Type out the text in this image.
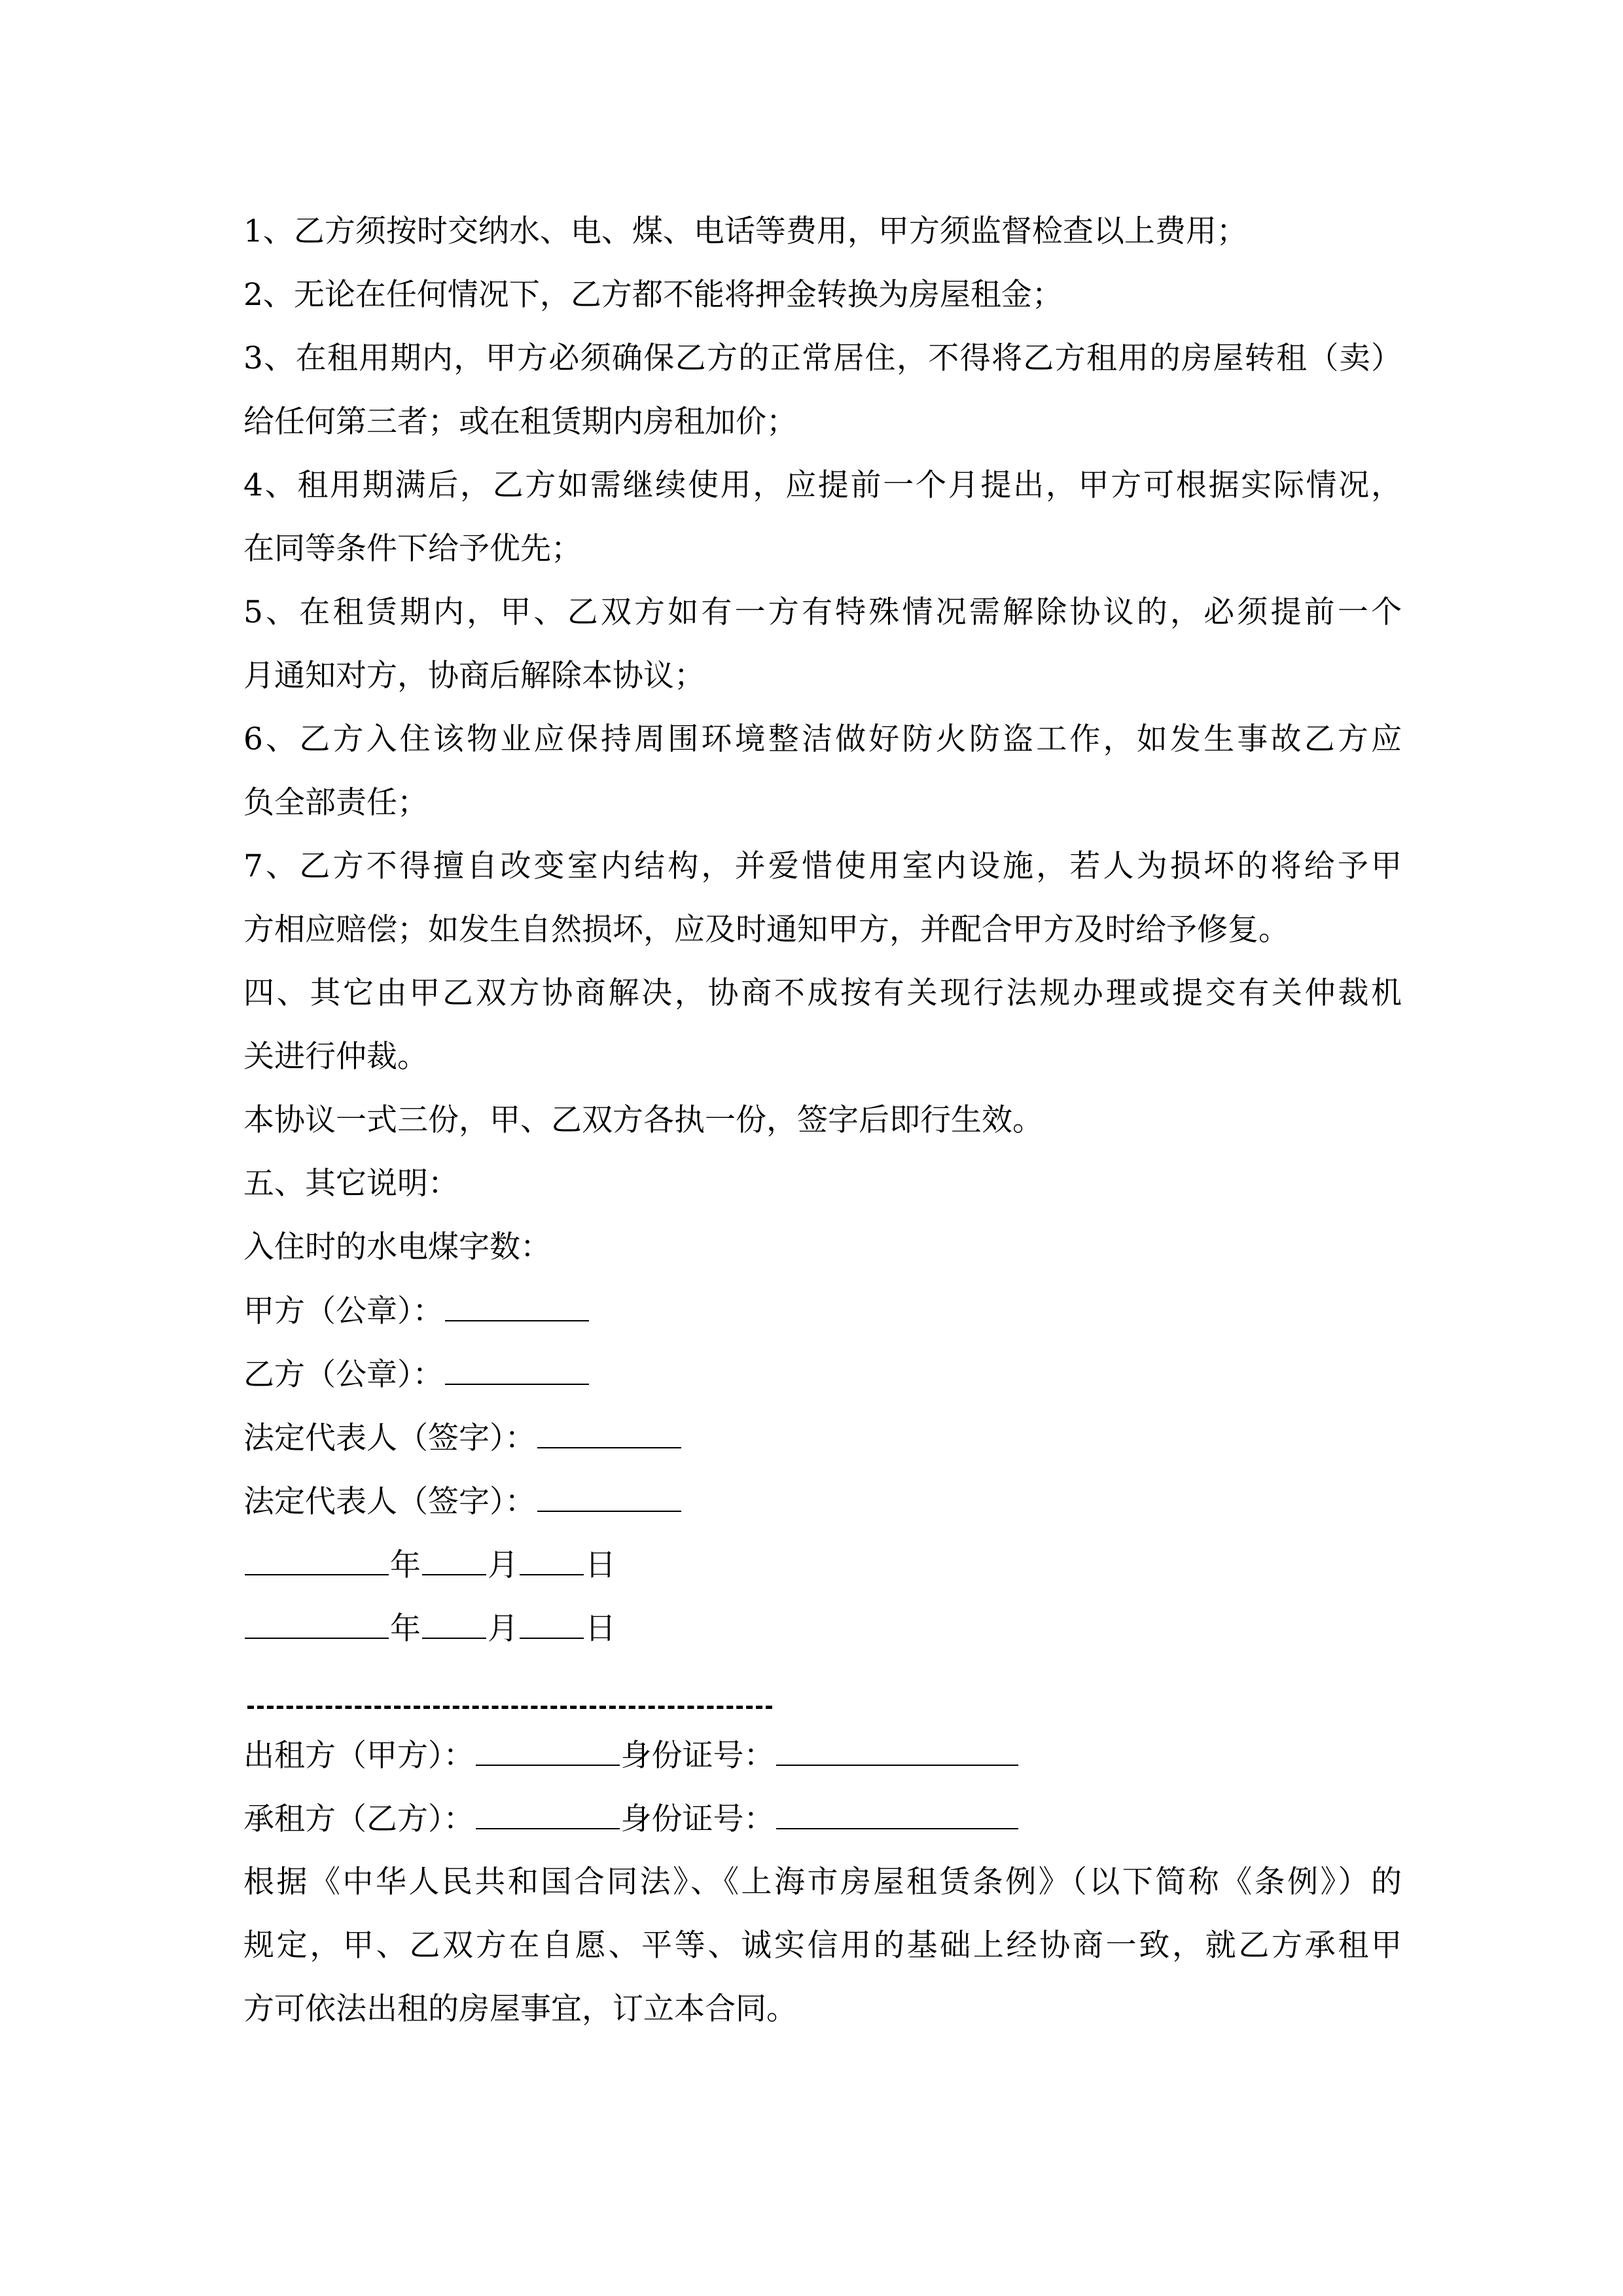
1、乙方须按时交纳水、电、煤、电话等费用，甲方须监督检查以上费用；
2、无论在任何情况下，乙方都不能将押金转换为房屋租金；
3、在租用期内，甲方必须确保乙方的正常居住，不得将乙方租用的房屋转租（卖）
给任何第三者；或在租赁期内房租加价；
4、租用期满后，乙方如需继续使用，应提前一个月提出，甲方可根据实际情况，
在同等条件下给予优先；
5、在租赁期内，甲、乙双方如有一方有特殊情况需解除协议的，必须提前一个
月通知对方，协商后解除本协议；
6、乙方入住该物业应保持周围环境整洁做好防火防盗工作，如发生事故乙方应
负全部责任；
7、乙方不得擅自改变室内结构，并爱惜使用室内设施，若人为损坏的将给予甲
方相应赔偿；如发生自然损坏，应及时通知甲方，并配合甲方及时给予修复。
四、其它由甲乙双方协商解决，协商不成按有关现行法规办理或提交有关仲裁机
关进行仲裁。
本协议一式三份，甲、乙双方各执一份，签字后即行生效。
五、其它说明：
入住时的水电煤字数：
甲方（公章）：
乙方（公章）：
法定代表人（签字）：
法定代表人（签字）：
年 月 日
年 月 日
出租方（甲方）：	身份证号：
承租方（乙方）：	身份证号：
根据《中华人民共和国合同法》、《上海市房屋租赁条例》（以下简称《条例》）的
规定，甲、乙双方在自愿、平等、诚实信用的基础上经协商一致，就乙方承租甲
方可依法出租的房屋事宜，订立本合同。
